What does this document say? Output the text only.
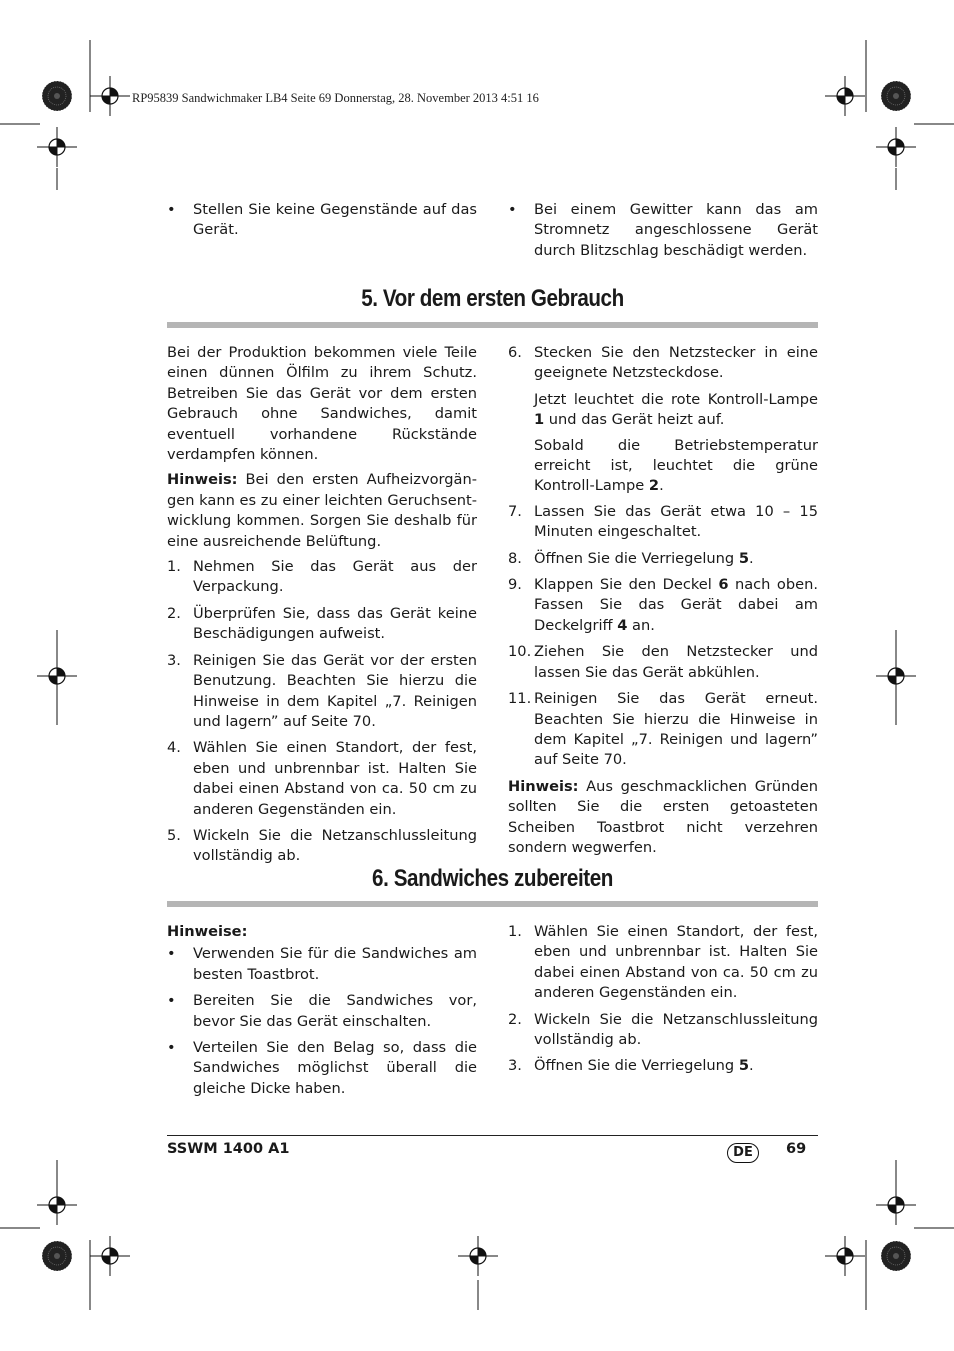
RP95839 Sandwichmaker LB4 Seite 69 Donnerstag, 28. November 2013 4:51 16
• Stellen Sie keine Gegenstände auf das Gerät.
• Bei einem Gewitter kann das am Stromnetz angeschlossene Gerät durch Blitzschlag beschädigt werden.
5. Vor dem ersten Gebrauch

Bei der Produktion bekommen viele Teile einen dünnen Ölfilm zu ihrem Schutz. Betreiben Sie das Gerät vor dem ersten Gebrauch ohne Sandwiches, damit eventuell vorhandene Rückstände verdampfen können.

Hinweis: Bei den ersten Aufheizvorgängen kann es zu einer leichten Geruchsentwicklung kommen. Sorgen Sie deshalb für eine ausreichende Belüftung.

1. Nehmen Sie das Gerät aus der Verpackung.
2. Überprüfen Sie, dass das Gerät keine Beschädigungen aufweist.
3. Reinigen Sie das Gerät vor der ersten Benutzung. Beachten Sie hierzu die Hinweise in dem Kapitel „7. Reinigen und lagern” auf Seite 70.
4. Wählen Sie einen Standort, der fest, eben und unbrennbar ist. Halten Sie dabei einen Abstand von ca. 50 cm zu anderen Gegenständen ein.
5. Wickeln Sie die Netzanschlussleitung vollständig ab.
6. Stecken Sie den Netzstecker in eine geeignete Netzsteckdose.
Jetzt leuchtet die rote Kontroll-Lampe 1 und das Gerät heizt auf.
Sobald die Betriebstemperatur erreicht ist, leuchtet die grüne Kontroll-Lampe 2.
7. Lassen Sie das Gerät etwa 10 – 15 Minuten eingeschaltet.
8. Öffnen Sie die Verriegelung 5.
9. Klappen Sie den Deckel 6 nach oben. Fassen Sie das Gerät dabei am Deckelgriff 4 an.
10. Ziehen Sie den Netzstecker und lassen Sie das Gerät abkühlen.
11. Reinigen Sie das Gerät erneut. Beachten Sie hierzu die Hinweise in dem Kapitel „7. Reinigen und lagern” auf Seite 70.

Hinweis: Aus geschmacklichen Gründen sollten Sie die ersten getoasteten Scheiben Toastbrot nicht verzehren sondern wegwerfen.

6. Sandwiches zubereiten

Hinweise:

• Verwenden Sie für die Sandwiches am besten Toastbrot.
• Bereiten Sie die Sandwiches vor, bevor Sie das Gerät einschalten.
• Verteilen Sie den Belag so, dass die Sandwiches möglichst überall die gleiche Dicke haben.
1. Wählen Sie einen Standort, der fest, eben und unbrennbar ist. Halten Sie dabei einen Abstand von ca. 50 cm zu anderen Gegenständen ein.
2. Wickeln Sie die Netzanschlussleitung vollständig ab.
3. Öffnen Sie die Verriegelung 5.
SSWM 1400 A1	DE	69
